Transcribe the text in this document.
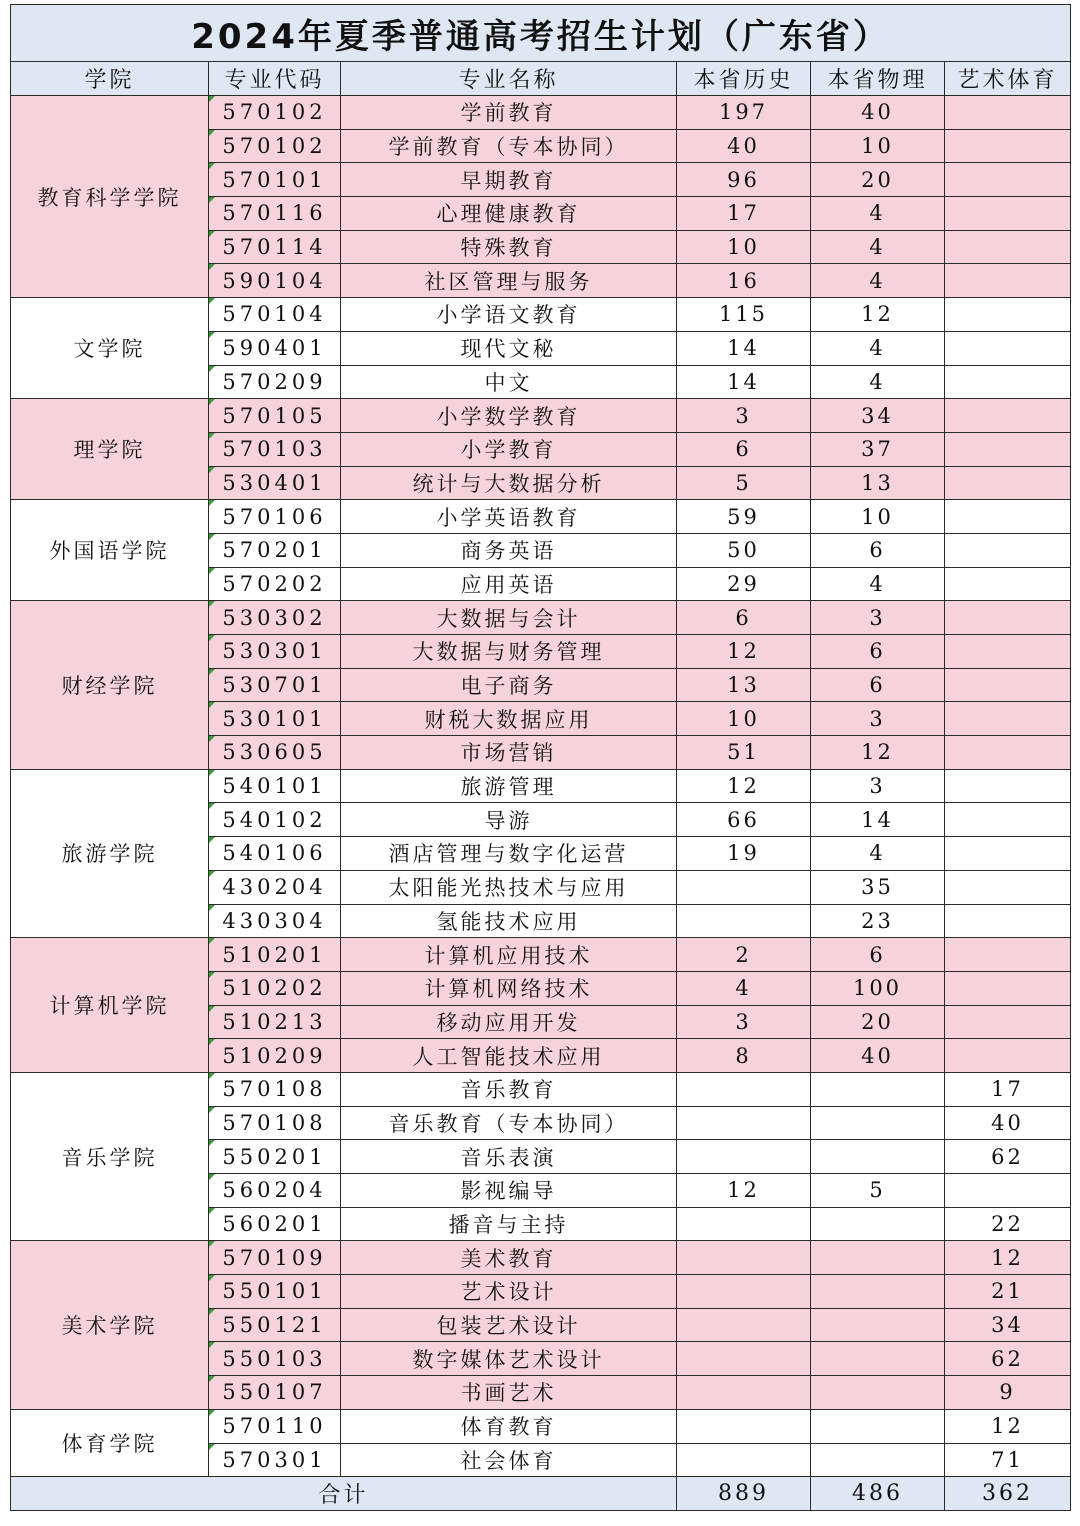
2024年夏季普通高考招生计划（广东省）					
学院	专业代码	专业名称	本省历史	本省物理	艺术体育
教育科学学院	570102	学前教育	197	40	
	570102	学前教育（专本协同）	40	10	
	570101	早期教育	96	20	
	570116	心理健康教育	17	4	
	570114	特殊教育	10	4	
	590104	社区管理与服务	16	4	
文学院	570104	小学语文教育	115	12	
	590401	现代文秘	14	4	
	570209	中文	14	4	
理学院	570105	小学数学教育	3	34	
	570103	小学教育	6	37	
	530401	统计与大数据分析	5	13	
外国语学院	570106	小学英语教育	59	10	
	570201	商务英语	50	6	
	570202	应用英语	29	4	
财经学院	530302	大数据与会计	6	3	
	530301	大数据与财务管理	12	6	
	530701	电子商务	13	6	
	530101	财税大数据应用	10	3	
	530605	市场营销	51	12	
旅游学院	540101	旅游管理	12	3	
	540102	导游	66	14	
	540106	酒店管理与数字化运营	19	4	
	430204	太阳能光热技术与应用		35	
	430304	氢能技术应用		23	
计算机学院	510201	计算机应用技术	2	6	
	510202	计算机网络技术	4	100	
	510213	移动应用开发	3	20	
	510209	人工智能技术应用	8	40	
音乐学院	570108	音乐教育			17
	570108	音乐教育（专本协同）			40
	550201	音乐表演			62
	560204	影视编导	12	5	
	560201	播音与主持			22
美术学院	570109	美术教育			12
	550101	艺术设计			21
	550121	包装艺术设计			34
	550103	数字媒体艺术设计			62
	550107	书画艺术			9
体育学院	570110	体育教育			12
	570301	社会体育			71
合计			889	486	362
